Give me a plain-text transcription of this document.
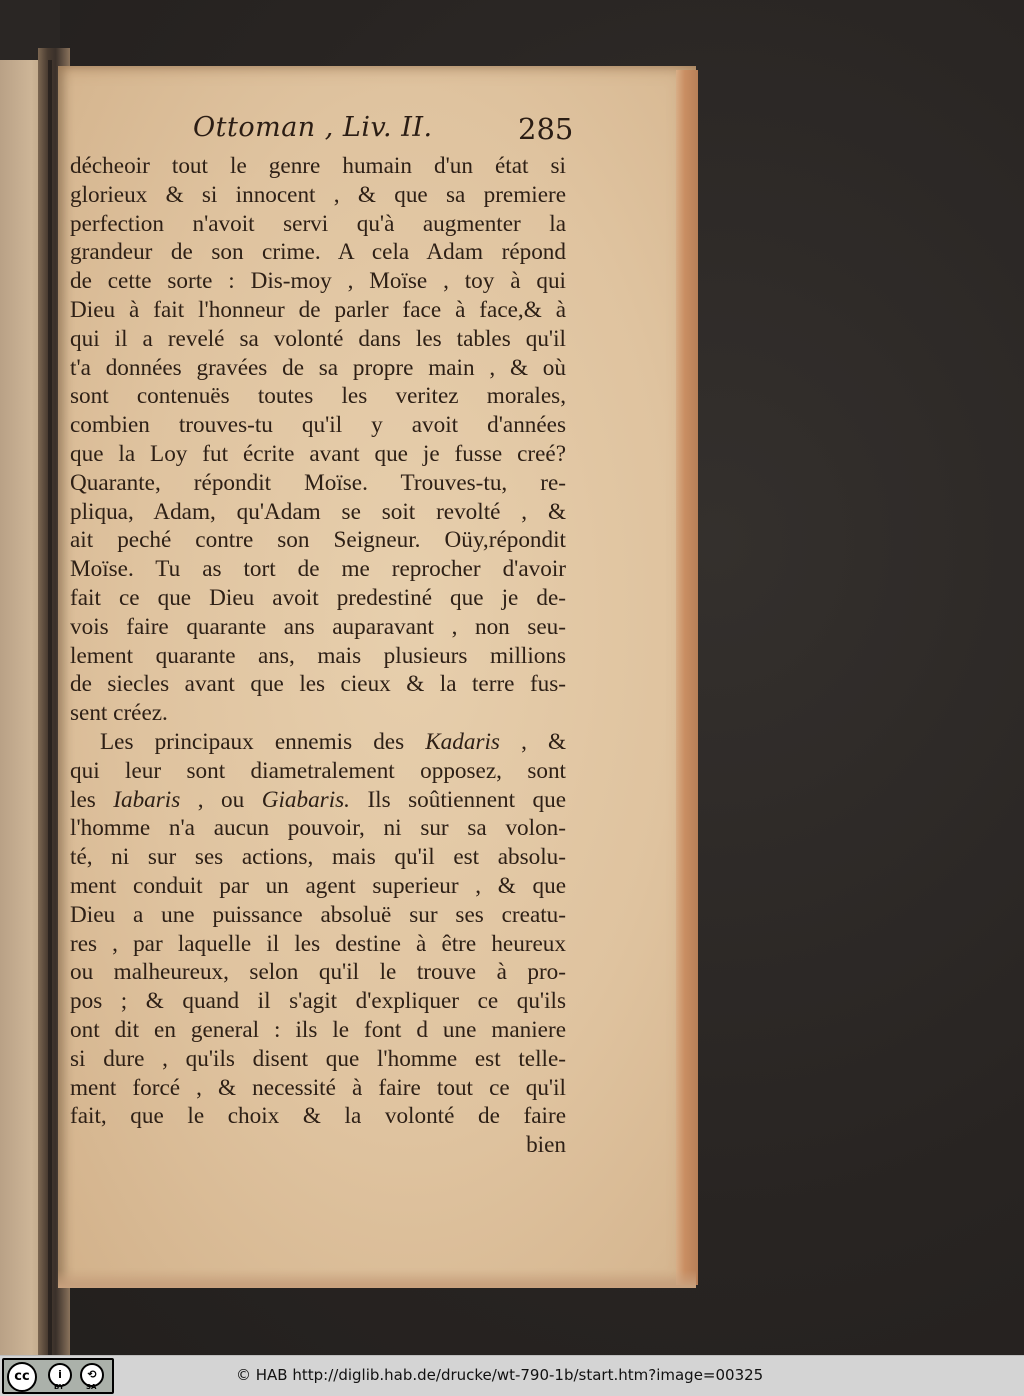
Ottoman , Liv. II.	285
décheoir tout le genre humain d'un état si
glorieux & si innocent , & que sa premiere
perfection n'avoit servi qu'à augmenter la
grandeur de son crime. A cela Adam répond
de cette sorte : Dis-moy , Moïse , toy à qui
Dieu à fait l'honneur de parler face à face,& à
qui il a revelé sa volonté dans les tables qu'il
t'a données gravées de sa propre main , & où
sont contenuës toutes les veritez morales,
combien trouves-tu qu'il y avoit d'années
que la Loy fut écrite avant que je fusse creé?
Quarante, répondit Moïse. Trouves-tu, re-
pliqua, Adam, qu'Adam se soit revolté , &
ait peché contre son Seigneur. Oüy,répondit
Moïse. Tu as tort de me reprocher d'avoir
fait ce que Dieu avoit predestiné que je de-
vois faire quarante ans auparavant , non seu-
lement quarante ans, mais plusieurs millions
de siecles avant que les cieux & la terre fus-
sent créez.
Les principaux ennemis des Kadaris , &
qui leur sont diametralement opposez, sont
les Iabaris , ou Giabaris. Ils soûtiennent que
l'homme n'a aucun pouvoir, ni sur sa volon-
té, ni sur ses actions, mais qu'il est absolu-
ment conduit par un agent superieur , & que
Dieu a une puissance absoluë sur ses creatu-
res , par laquelle il les destine à être heureux
ou malheureux, selon qu'il le trouve à pro-
pos ; & quand il s'agit d'expliquer ce qu'ils
ont dit en general : ils le font d une maniere
si dure , qu'ils disent que l'homme est telle-
ment forcé , & necessité à faire tout ce qu'il
fait, que le choix & la volonté de faire
bien
cc	i	⟲
BY	SA
© HAB http://diglib.hab.de/drucke/wt-790-1b/start.htm?image=00325
